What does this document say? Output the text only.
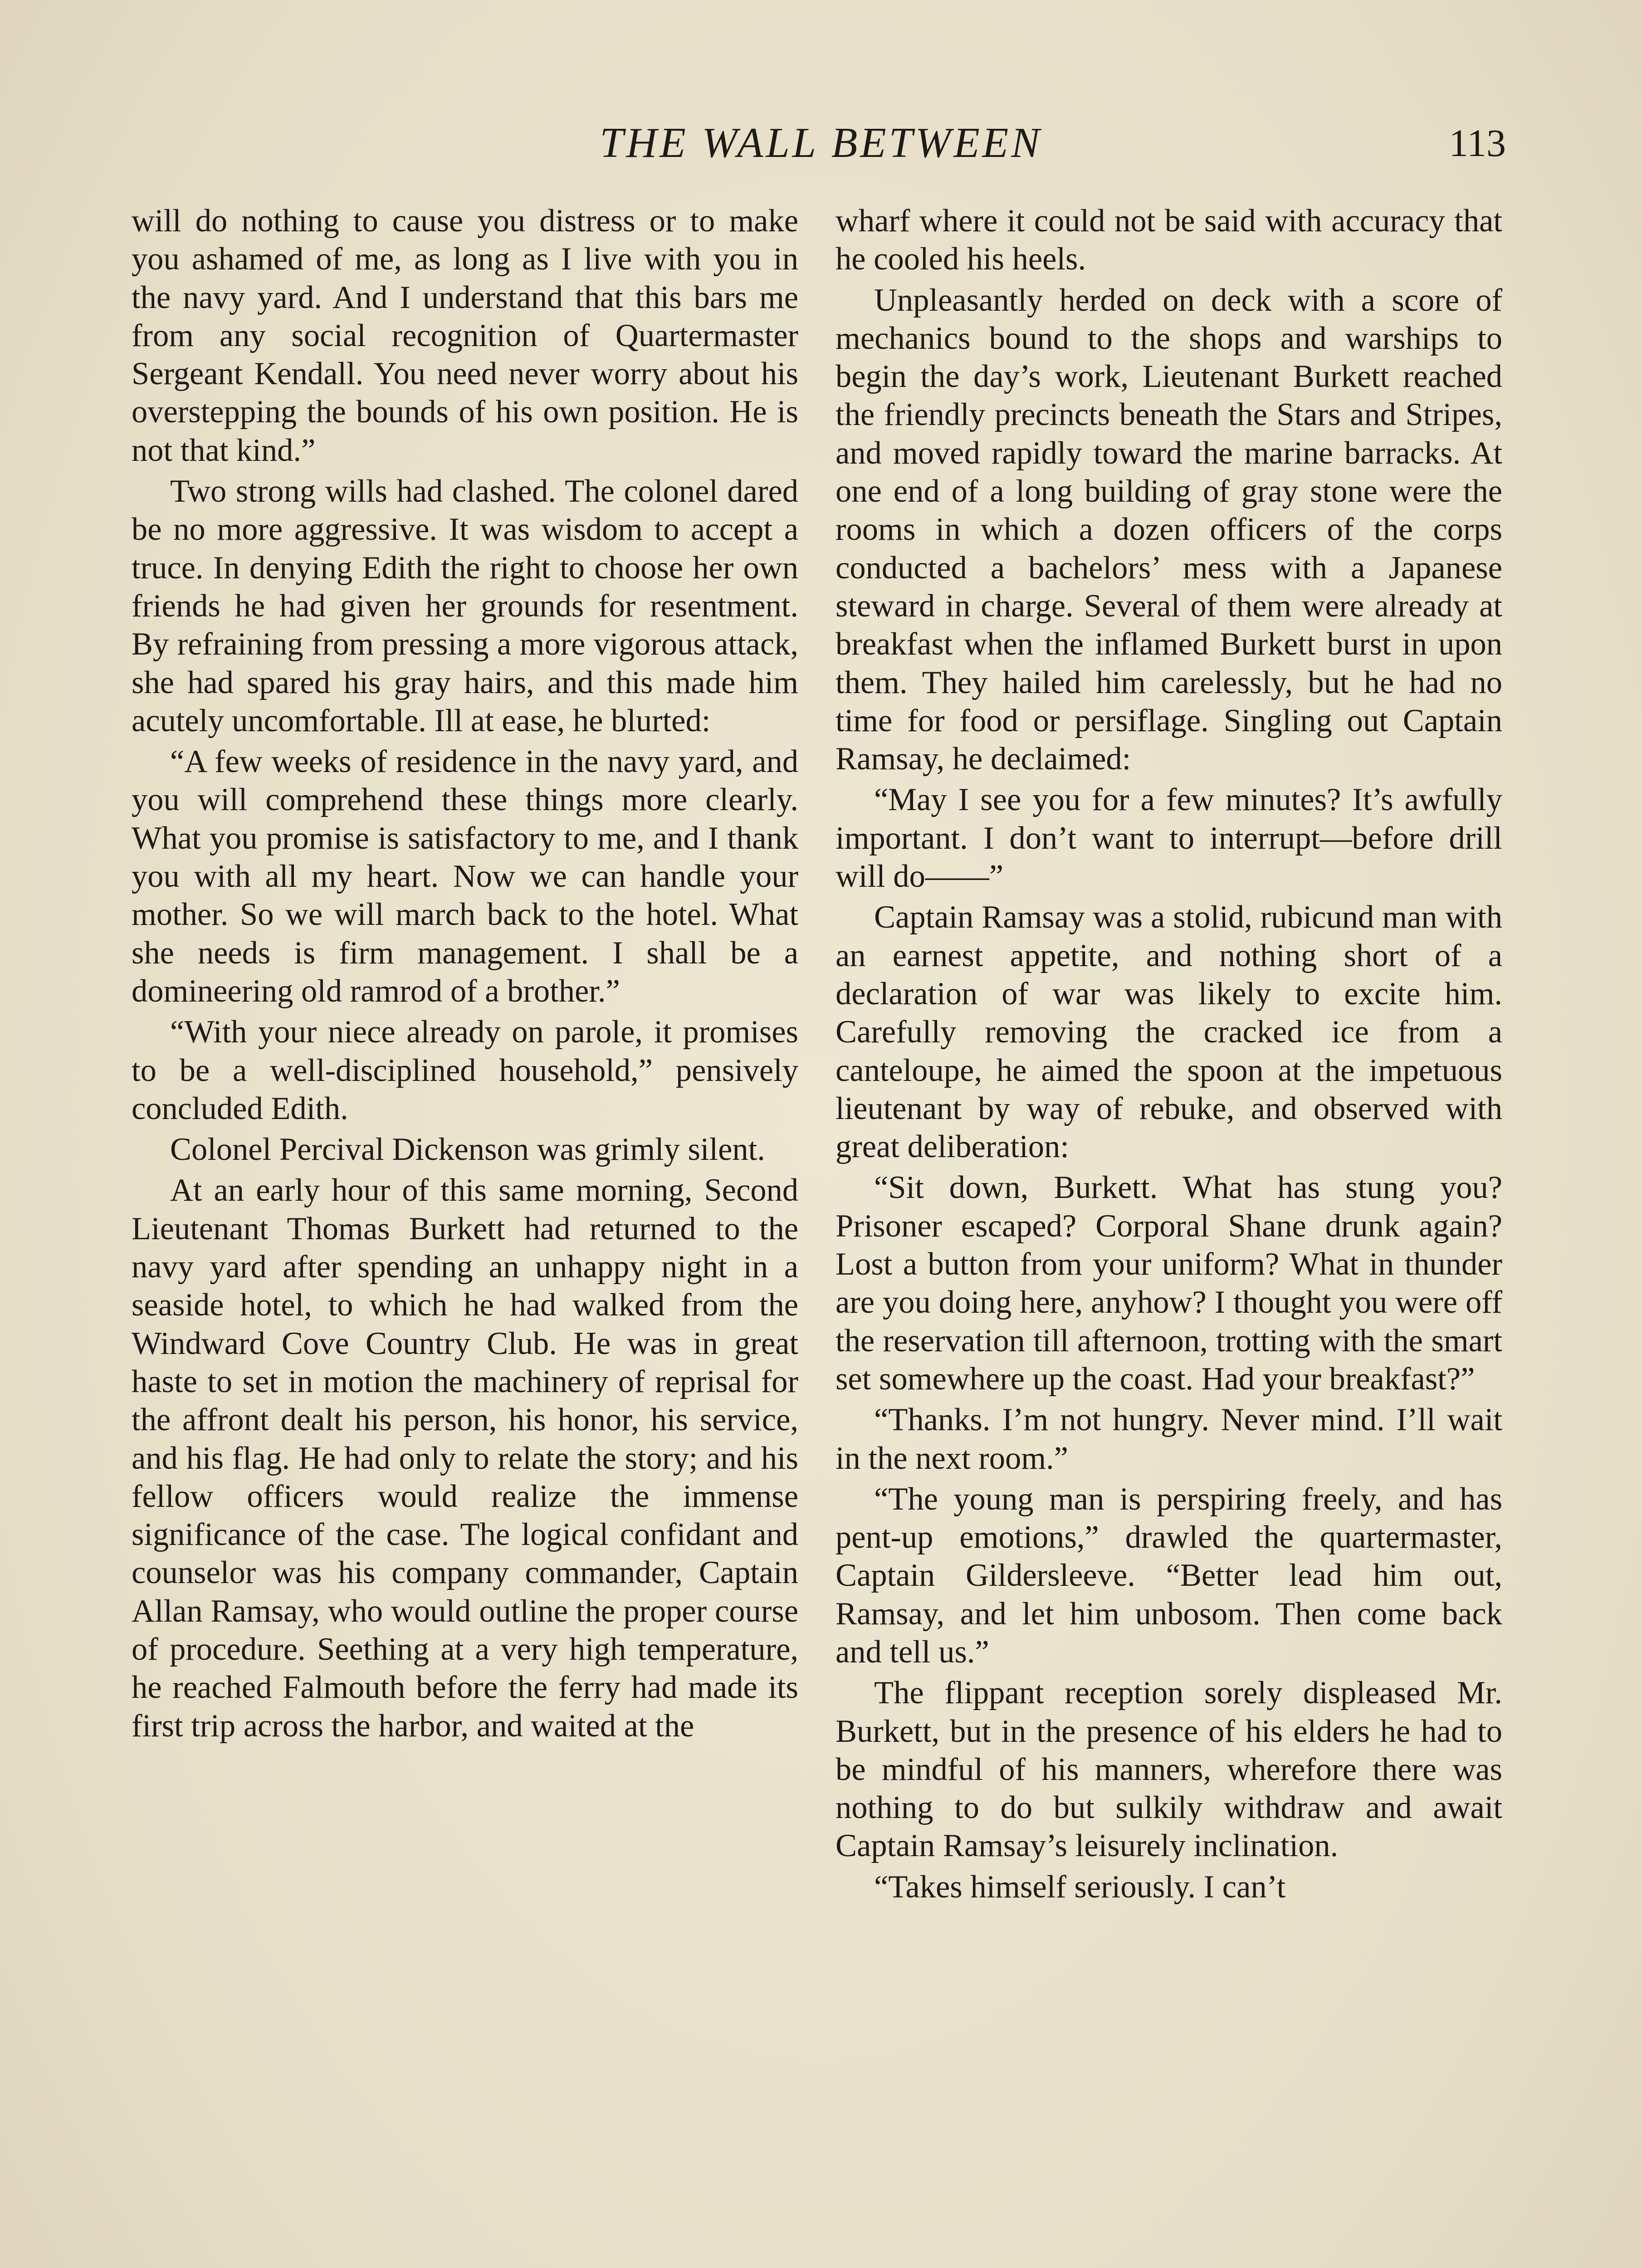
THE WALL BETWEEN	113

will do nothing to cause you distress or to make you ashamed of me, as long as I live with you in the navy yard. And I understand that this bars me from any social recognition of Quartermaster Sergeant Kendall. You need never worry about his overstepping the bounds of his own position. He is not that kind.”

Two strong wills had clashed. The colonel dared be no more aggressive. It was wisdom to accept a truce. In denying Edith the right to choose her own friends he had given her grounds for resentment. By refraining from pressing a more vigorous attack, she had spared his gray hairs, and this made him acutely uncomfortable. Ill at ease, he blurted:

“A few weeks of residence in the navy yard, and you will comprehend these things more clearly. What you promise is satisfactory to me, and I thank you with all my heart. Now we can handle your mother. So we will march back to the hotel. What she needs is firm management. I shall be a domineering old ramrod of a brother.”

“With your niece already on parole, it promises to be a well-disciplined household,” pensively concluded Edith.

Colonel Percival Dickenson was grimly silent.

At an early hour of this same morning, Second Lieutenant Thomas Burkett had returned to the navy yard after spending an unhappy night in a seaside hotel, to which he had walked from the Windward Cove Country Club. He was in great haste to set in motion the machinery of reprisal for the affront dealt his person, his honor, his service, and his flag. He had only to relate the story; and his fellow officers would realize the immense significance of the case. The logical confidant and counselor was his company commander, Captain Allan Ramsay, who would outline the proper course of procedure. Seething at a very high temperature, he reached Falmouth before the ferry had made its first trip across the harbor, and waited at the

wharf where it could not be said with accuracy that he cooled his heels.

Unpleasantly herded on deck with a score of mechanics bound to the shops and warships to begin the day’s work, Lieutenant Burkett reached the friendly precincts beneath the Stars and Stripes, and moved rapidly toward the marine barracks. At one end of a long building of gray stone were the rooms in which a dozen officers of the corps conducted a bachelors’ mess with a Japanese steward in charge. Several of them were already at breakfast when the inflamed Burkett burst in upon them. They hailed him carelessly, but he had no time for food or persiflage. Singling out Captain Ramsay, he declaimed:

“May I see you for a few minutes? It’s awfully important. I don’t want to interrupt—before drill will do——”

Captain Ramsay was a stolid, rubicund man with an earnest appetite, and nothing short of a declaration of war was likely to excite him. Carefully removing the cracked ice from a canteloupe, he aimed the spoon at the impetuous lieutenant by way of rebuke, and observed with great deliberation:

“Sit down, Burkett. What has stung you? Prisoner escaped? Corporal Shane drunk again? Lost a button from your uniform? What in thunder are you doing here, anyhow? I thought you were off the reservation till afternoon, trotting with the smart set somewhere up the coast. Had your breakfast?”

“Thanks. I’m not hungry. Never mind. I’ll wait in the next room.”

“The young man is perspiring freely, and has pent-up emotions,” drawled the quartermaster, Captain Gildersleeve. “Better lead him out, Ramsay, and let him unbosom. Then come back and tell us.”

The flippant reception sorely displeased Mr. Burkett, but in the presence of his elders he had to be mindful of his manners, wherefore there was nothing to do but sulkily withdraw and await Captain Ramsay’s leisurely inclination.

“Takes himself seriously. I can’t
